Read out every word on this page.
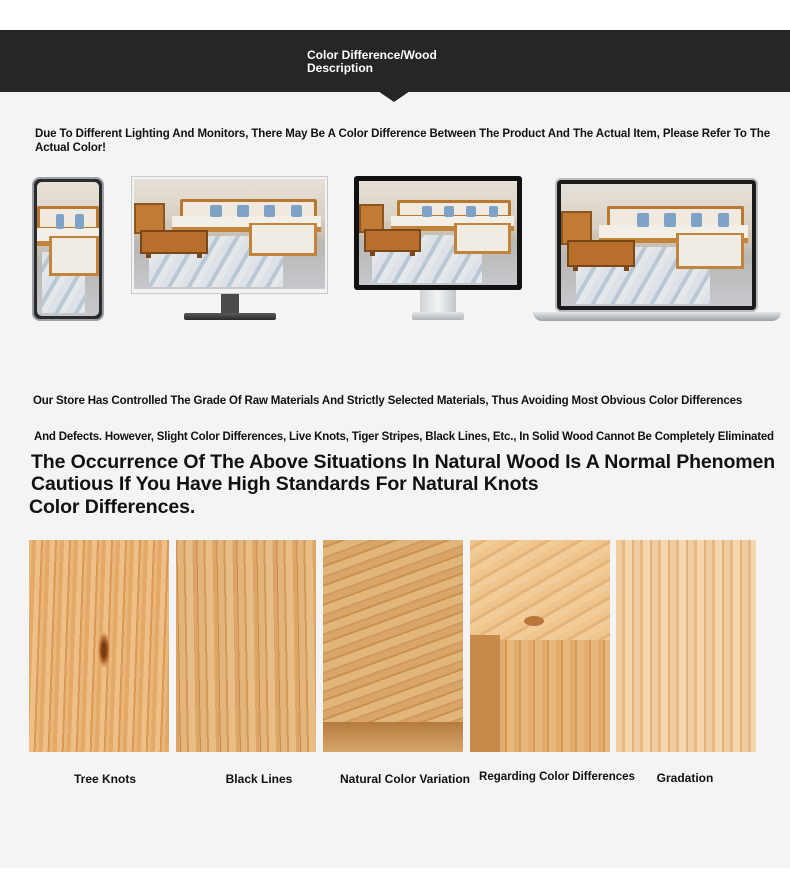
Color Difference/Wood Description
Due To Different Lighting And Monitors, There May Be A Color Difference Between The Product And The Actual Item, Please Refer To The Actual Color!
Our Store Has Controlled The Grade Of Raw Materials And Strictly Selected Materials, Thus Avoiding Most Obvious Color Differences
And Defects. However, Slight Color Differences, Live Knots, Tiger Stripes, Black Lines, Etc., In Solid Wood Cannot Be Completely Eliminated
The Occurrence Of The Above Situations In Natural Wood Is A Normal Phenomen
Cautious If You Have High Standards For Natural Knots
Color Differences.
Tree Knots	Black Lines	Natural Color Variation Regarding Color Differences	Gradation
